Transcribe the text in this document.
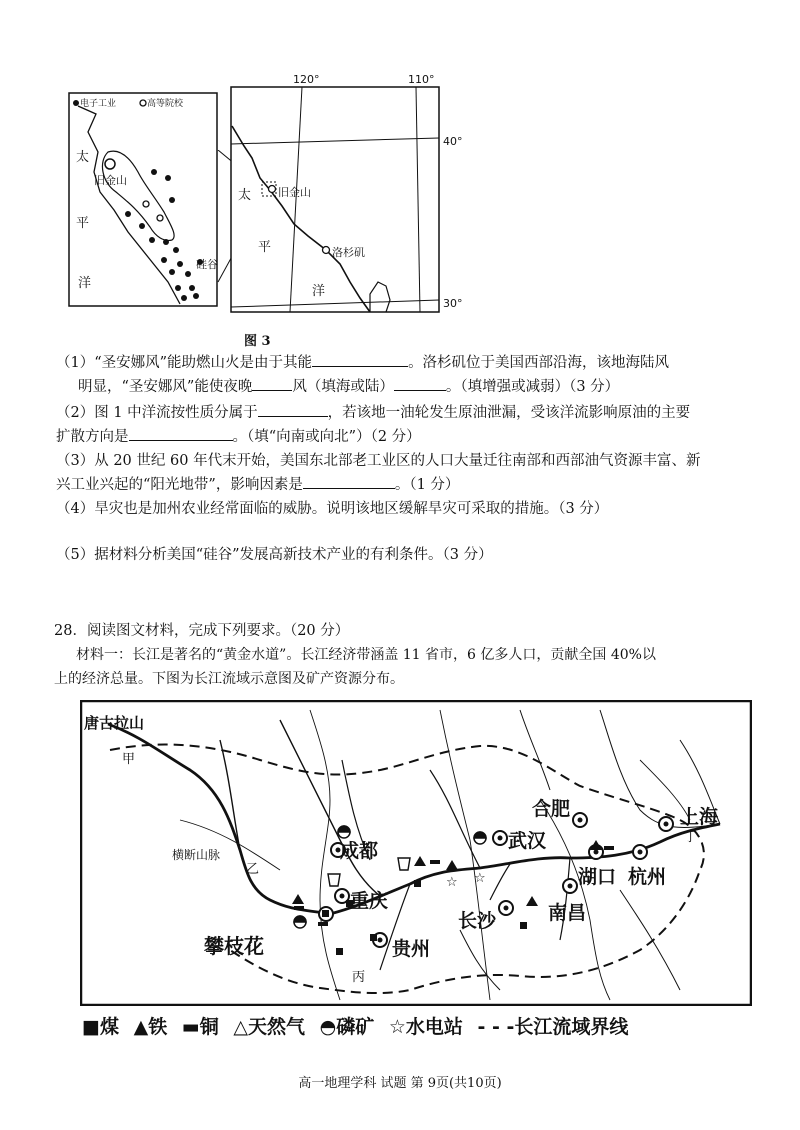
电子工业	高等院校
太
旧金山
平
硅谷
洋
120°	110°
40°
30°
太 旧金山
平	洛杉矶
洋
图 3
（1）“圣安娜风”能助燃山火是由于其能	。洛杉矶位于美国西部沿海，该地海陆风
明显，“圣安娜风”能使夜晚	风（填海或陆）	。（填增强或减弱）（3 分）
（2）图 1 中洋流按性质分属于	，若该地一油轮发生原油泄漏，受该洋流影响原油的主要
扩散方向是	。（填“向南或向北”）（2 分）
（3）从 20 世纪 60 年代末开始，美国东北部老工业区的人口大量迁往南部和西部油气资源丰富、新
兴工业兴起的“阳光地带”，影响因素是	。（1 分）
（4）旱灾也是加州农业经常面临的威胁。说明该地区缓解旱灾可采取的措施。（3 分）
（5）据材料分析美国“硅谷”发展高新技术产业的有利条件。（3 分）
28．阅读图文材料，完成下列要求。（20 分）
材料一：长江是著名的“黄金水道”。长江经济带涵盖 11 省市，6 亿多人口，贡献全国 40%以
上的经济总量。下图为长江流域示意图及矿产资源分布。
☆ ☆
唐古拉山
甲
横断山脉
乙
丙
丁
成都
重庆
攀枝花	贵州
长沙	南昌
武汉
合肥
湖口 杭州
上海
■煤 ▲铁 ▬铜 △天然气 ◓磷矿 ☆水电站 - - -长江流域界线
高一地理学科 试题 第 9页(共10页)
